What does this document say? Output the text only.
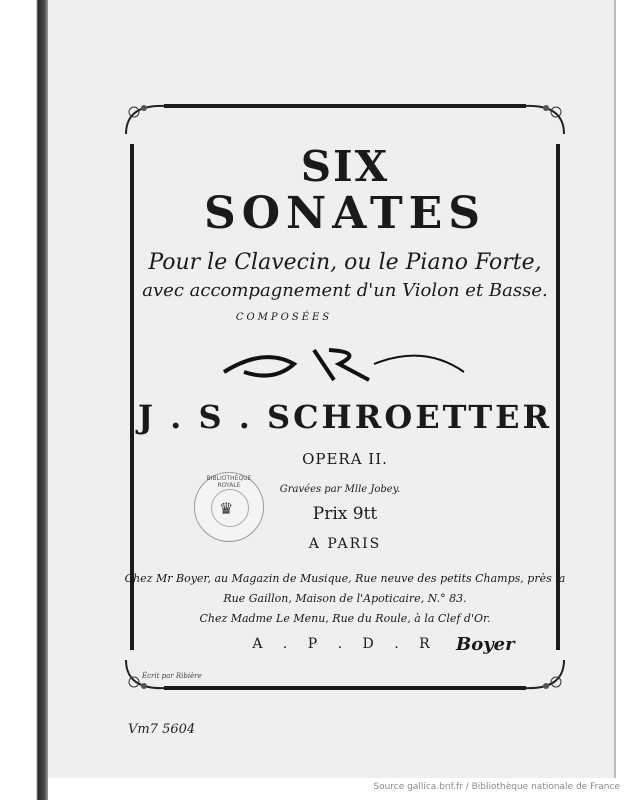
SIX
SONATES
Pour le Clavecin, ou le Piano Forte,
avec accompagnement d'un Violon et Basse.
COMPOSÉES
J . S . SCHROETTER
OPERA II.
Gravées par Mlle Jobey.
Prix 9tt
A PARIS
Chez Mr Boyer, au Magazin de Musique, Rue neuve des petits Champs, près la
Rue Gaillon, Maison de l'Apoticaire, N.° 83.
Chez Madme Le Menu, Rue du Roule, à la Clef d'Or.
A . P . D . R
BIBLIOTHÈQUE ROYALE
♛
Boyer
Écrit par Ribière
Vm7 5604
Source gallica.bnf.fr / Bibliothèque nationale de France
